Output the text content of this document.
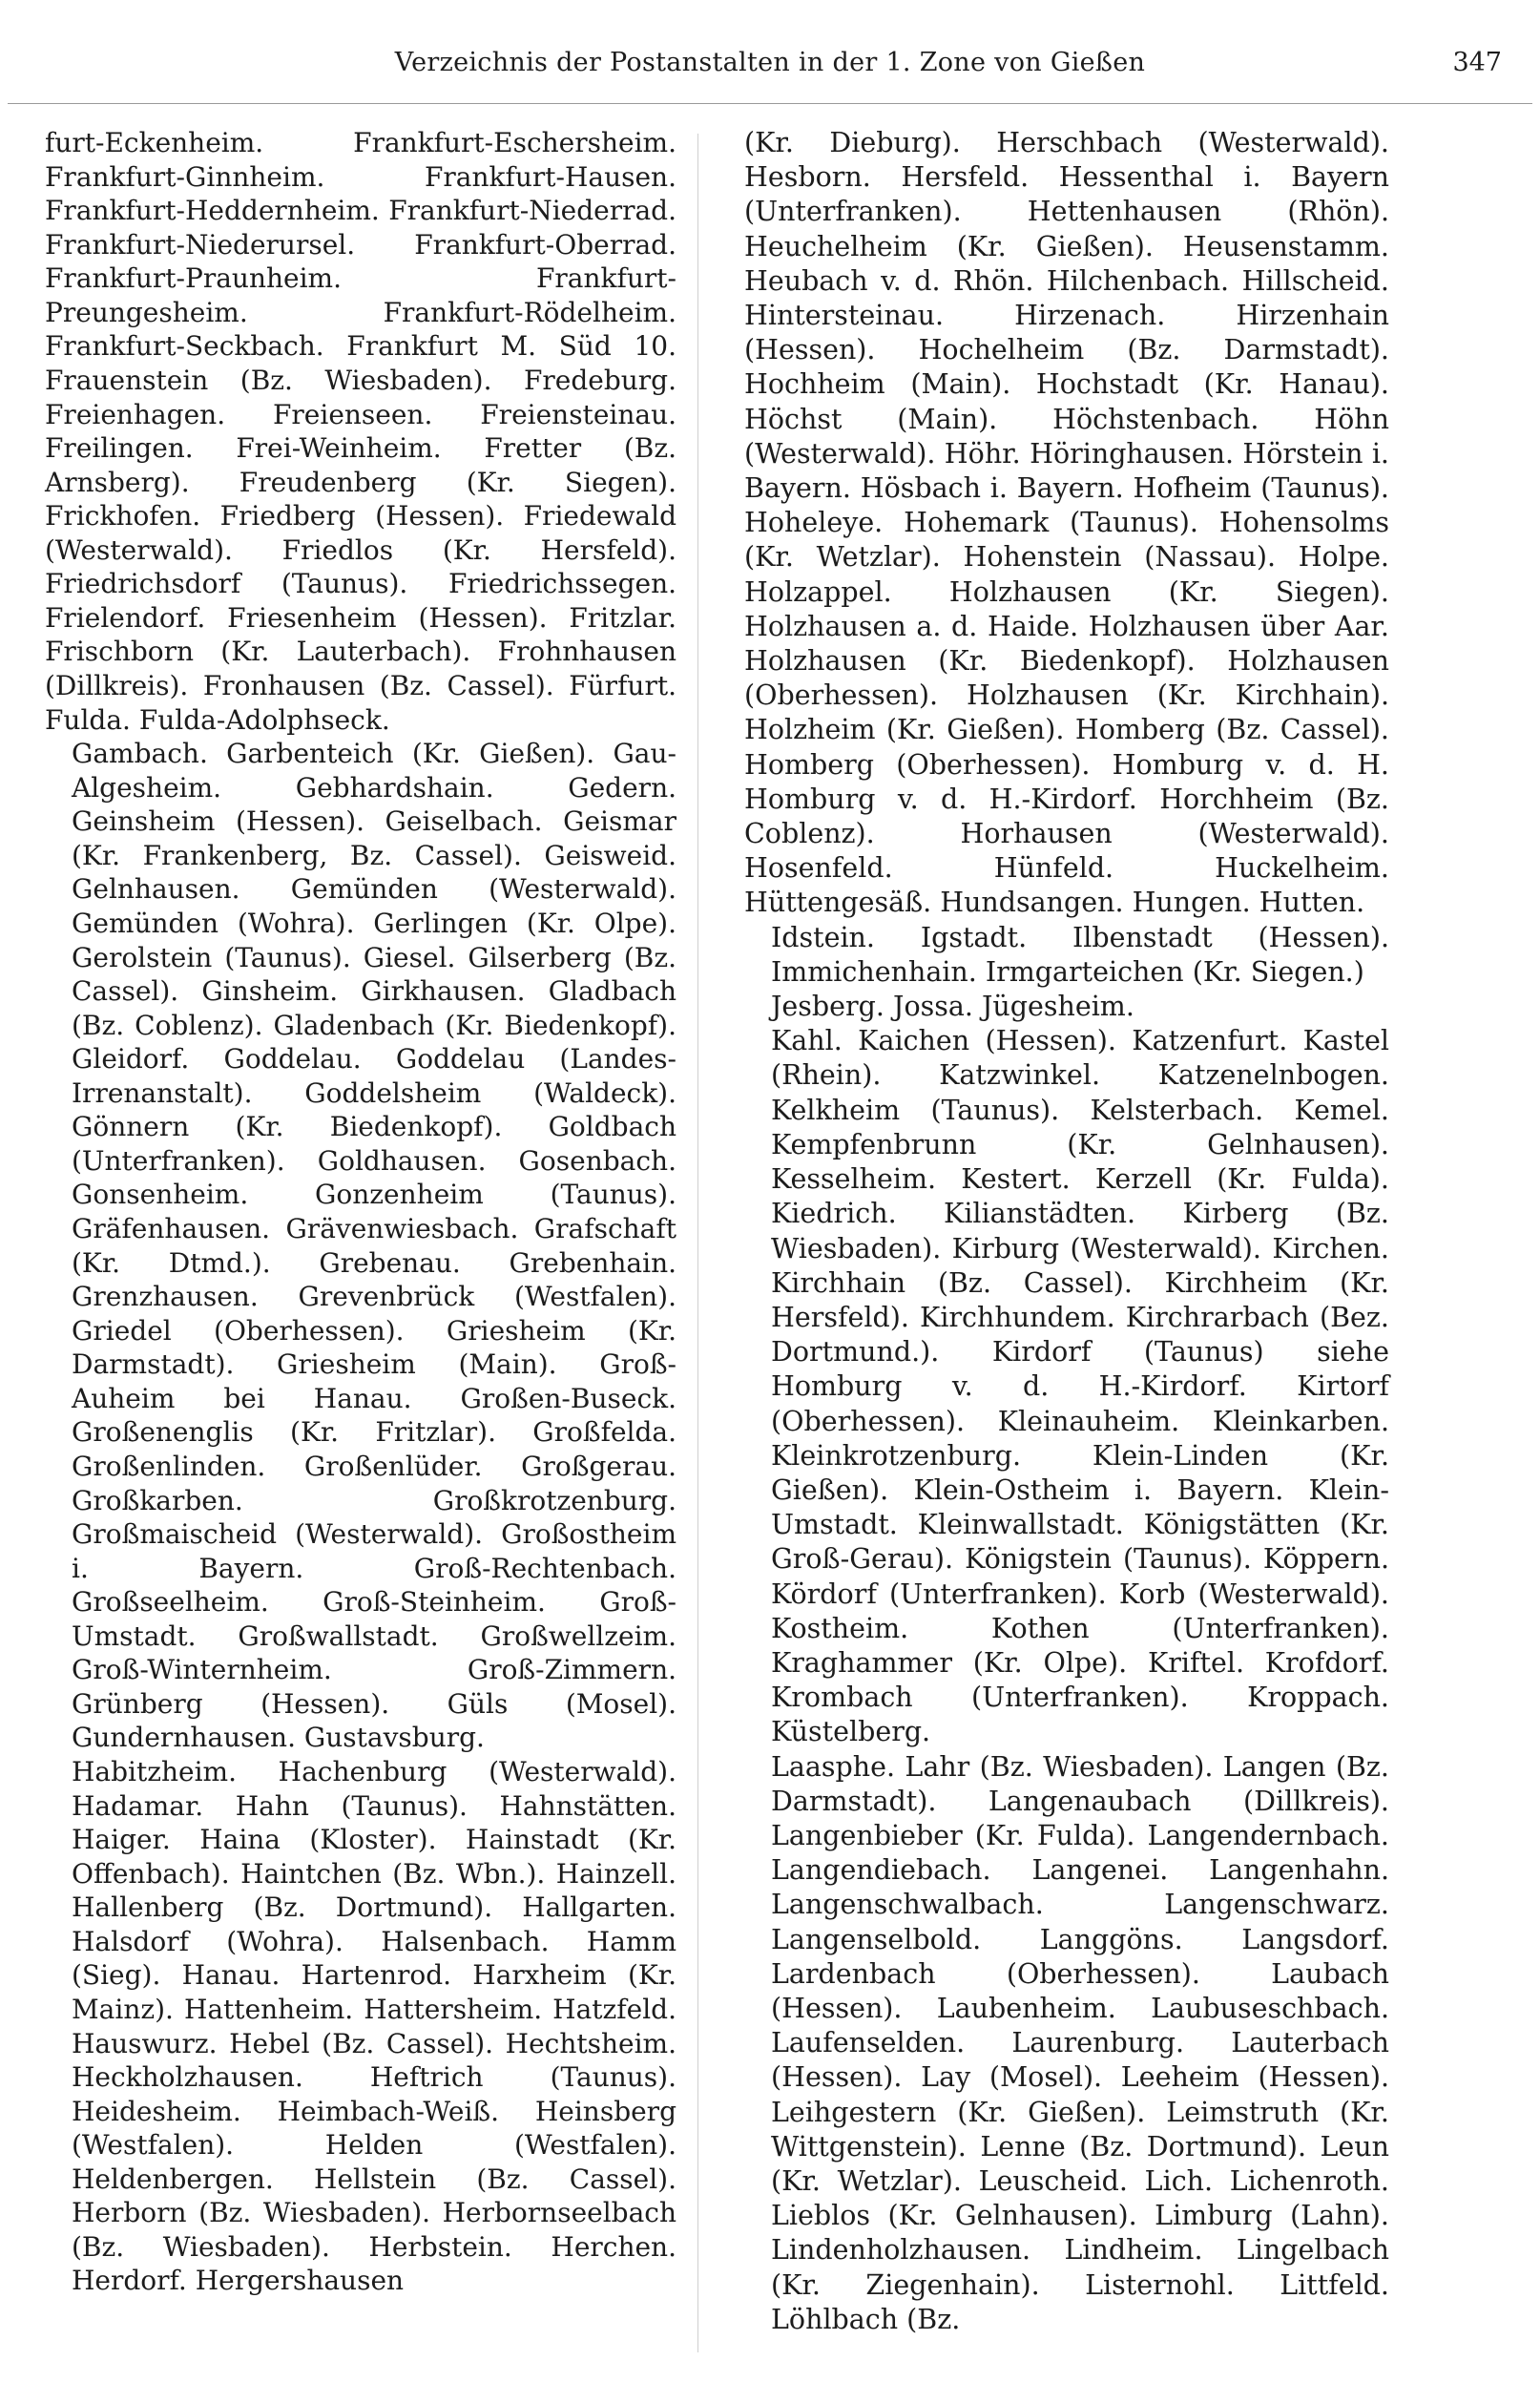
Verzeichnis der Postanstalten in der 1. Zone von Gießen	347

furt-Eckenheim. Frankfurt-Eschersheim. Frankfurt-Ginnheim. Frankfurt-Hausen. Frankfurt-Heddernheim. Frankfurt-Niederrad. Frankfurt-Niederursel. Frankfurt-Oberrad. Frankfurt-Praunheim. Frankfurt-Preungesheim. Frankfurt-Rödelheim. Frankfurt-Seckbach. Frankfurt M. Süd 10. Frauenstein (Bz. Wiesbaden). Fredeburg. Freienhagen. Freienseen. Freiensteinau. Freilingen. Frei-Weinheim. Fretter (Bz. Arnsberg). Freudenberg (Kr. Siegen). Frickhofen. Friedberg (Hessen). Friedewald (Westerwald). Friedlos (Kr. Hersfeld). Friedrichsdorf (Taunus). Friedrichssegen. Frielendorf. Friesenheim (Hessen). Fritzlar. Frischborn (Kr. Lauterbach). Frohnhausen (Dillkreis). Fronhausen (Bz. Cassel). Fürfurt. Fulda. Fulda-Adolphseck.

Gambach. Garbenteich (Kr. Gießen). Gau-Algesheim. Gebhardshain. Gedern. Geinsheim (Hessen). Geiselbach. Geismar (Kr. Frankenberg, Bz. Cassel). Geisweid. Gelnhausen. Gemünden (Westerwald). Gemünden (Wohra). Gerlingen (Kr. Olpe). Gerolstein (Taunus). Giesel. Gilserberg (Bz. Cassel). Ginsheim. Girkhausen. Gladbach (Bz. Coblenz). Gladenbach (Kr. Biedenkopf). Gleidorf. Goddelau. Goddelau (Landes-Irrenanstalt). Goddelsheim (Waldeck). Gönnern (Kr. Biedenkopf). Goldbach (Unterfranken). Goldhausen. Gosenbach. Gonsenheim. Gonzenheim (Taunus). Gräfenhausen. Grävenwiesbach. Grafschaft (Kr. Dtmd.). Grebenau. Grebenhain. Grenzhausen. Grevenbrück (Westfalen). Griedel (Oberhessen). Griesheim (Kr. Darmstadt). Griesheim (Main). Groß-Auheim bei Hanau. Großen-Buseck. Großenenglis (Kr. Fritzlar). Großfelda. Großenlinden. Großenlüder. Großgerau. Großkarben. Großkrotzenburg. Großmaischeid (Westerwald). Großostheim i. Bayern. Groß-Rechtenbach. Großseelheim. Groß-Steinheim. Groß-Umstadt. Großwallstadt. Großwellzeim. Groß-Winternheim. Groß-Zimmern. Grünberg (Hessen). Güls (Mosel). Gundernhausen. Gustavsburg.

Habitzheim. Hachenburg (Westerwald). Hadamar. Hahn (Taunus). Hahnstätten. Haiger. Haina (Kloster). Hainstadt (Kr. Offenbach). Haintchen (Bz. Wbn.). Hainzell. Hallenberg (Bz. Dortmund). Hallgarten. Halsdorf (Wohra). Halsenbach. Hamm (Sieg). Hanau. Hartenrod. Harxheim (Kr. Mainz). Hattenheim. Hattersheim. Hatzfeld. Hauswurz. Hebel (Bz. Cassel). Hechtsheim. Heckholzhausen. Heftrich (Taunus). Heidesheim. Heimbach-Weiß. Heinsberg (Westfalen). Helden (Westfalen). Heldenbergen. Hellstein (Bz. Cassel). Herborn (Bz. Wiesbaden). Herbornseelbach (Bz. Wiesbaden). Herbstein. Herchen. Herdorf. Hergershausen

(Kr. Dieburg). Herschbach (Westerwald). Hesborn. Hersfeld. Hessenthal i. Bayern (Unterfranken). Hettenhausen (Rhön). Heuchelheim (Kr. Gießen). Heusenstamm. Heubach v. d. Rhön. Hilchenbach. Hillscheid. Hintersteinau. Hirzenach. Hirzenhain (Hessen). Hochelheim (Bz. Darmstadt). Hochheim (Main). Hochstadt (Kr. Hanau). Höchst (Main). Höchstenbach. Höhn (Westerwald). Höhr. Höringhausen. Hörstein i. Bayern. Hösbach i. Bayern. Hofheim (Taunus). Hoheleye. Hohemark (Taunus). Hohensolms (Kr. Wetzlar). Hohenstein (Nassau). Holpe. Holzappel. Holzhausen (Kr. Siegen). Holzhausen a. d. Haide. Holzhausen über Aar. Holzhausen (Kr. Biedenkopf). Holzhausen (Oberhessen). Holzhausen (Kr. Kirchhain). Holzheim (Kr. Gießen). Homberg (Bz. Cassel). Homberg (Oberhessen). Homburg v. d. H. Homburg v. d. H.-Kirdorf. Horchheim (Bz. Coblenz). Horhausen (Westerwald). Hosenfeld. Hünfeld. Huckelheim. Hüttengesäß. Hundsangen. Hungen. Hutten.

Idstein. Igstadt. Ilbenstadt (Hessen). Immichenhain. Irmgarteichen (Kr. Siegen.)

Jesberg. Jossa. Jügesheim.

Kahl. Kaichen (Hessen). Katzenfurt. Kastel (Rhein). Katzwinkel. Katzenelnbogen. Kelkheim (Taunus). Kelsterbach. Kemel. Kempfenbrunn (Kr. Gelnhausen). Kesselheim. Kestert. Kerzell (Kr. Fulda). Kiedrich. Kilianstädten. Kirberg (Bz. Wiesbaden). Kirburg (Westerwald). Kirchen. Kirchhain (Bz. Cassel). Kirchheim (Kr. Hersfeld). Kirchhundem. Kirchrarbach (Bez. Dortmund.). Kirdorf (Taunus) siehe Homburg v. d. H.-Kirdorf. Kirtorf (Oberhessen). Kleinauheim. Kleinkarben. Kleinkrotzenburg. Klein-Linden (Kr. Gießen). Klein-Ostheim i. Bayern. Klein-Umstadt. Kleinwallstadt. Königstätten (Kr. Groß-Gerau). Königstein (Taunus). Köppern. Kördorf (Unterfranken). Korb (Westerwald). Kostheim. Kothen (Unterfranken). Kraghammer (Kr. Olpe). Kriftel. Krofdorf. Krombach (Unterfranken). Kroppach. Küstelberg.

Laasphe. Lahr (Bz. Wiesbaden). Langen (Bz. Darmstadt). Langenaubach (Dillkreis). Langenbieber (Kr. Fulda). Langendernbach. Langendiebach. Langenei. Langenhahn. Langenschwalbach. Langenschwarz. Langenselbold. Langgöns. Langsdorf. Lardenbach (Oberhessen). Laubach (Hessen). Laubenheim. Laubuseschbach. Laufenselden. Laurenburg. Lauterbach (Hessen). Lay (Mosel). Leeheim (Hessen). Leihgestern (Kr. Gießen). Leimstruth (Kr. Wittgenstein). Lenne (Bz. Dortmund). Leun (Kr. Wetzlar). Leuscheid. Lich. Lichenroth. Lieblos (Kr. Gelnhausen). Limburg (Lahn). Lindenholzhausen. Lindheim. Lingelbach (Kr. Ziegenhain). Listernohl. Littfeld. Löhlbach (Bz.
